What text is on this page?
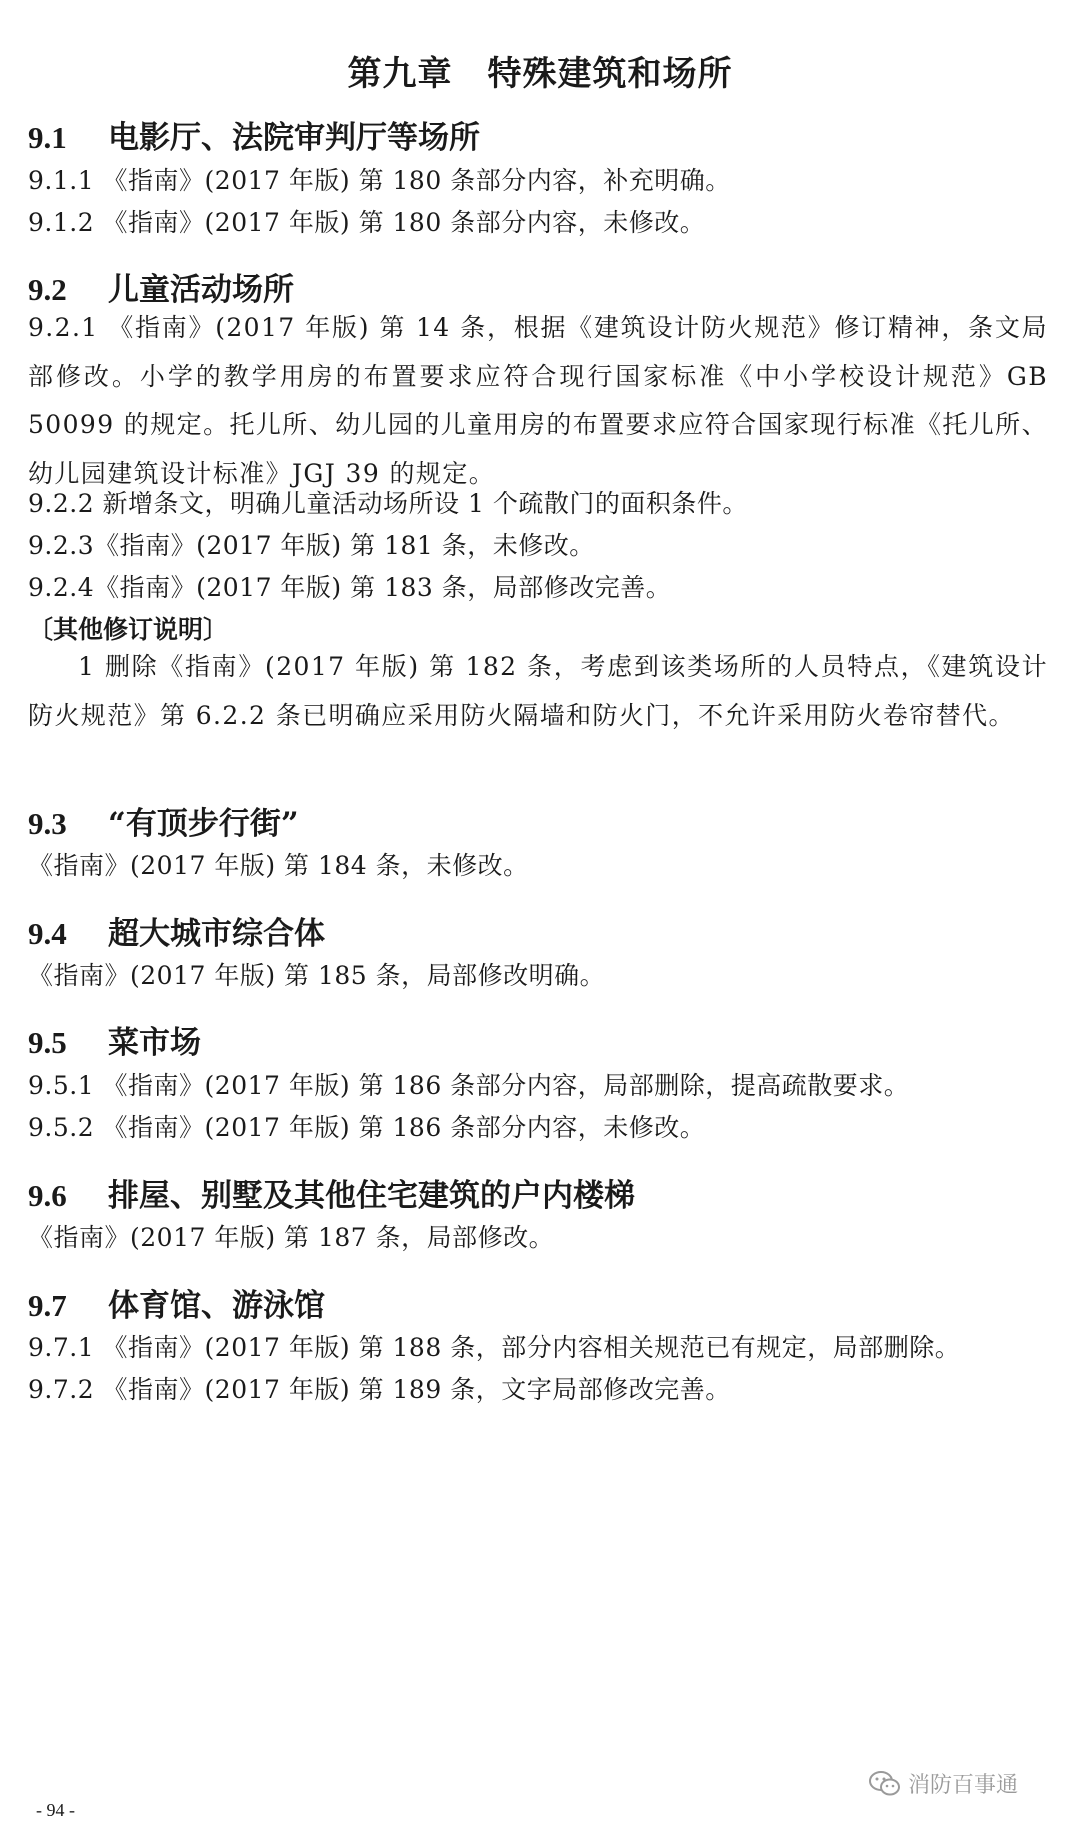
第九章　特殊建筑和场所
9.1 电影厅、法院审判厅等场所
9.1.1 《指南》(2017 年版) 第 180 条部分内容，补充明确。
9.1.2 《指南》(2017 年版) 第 180 条部分内容，未修改。
9.2 儿童活动场所
9.2.1 《指南》(2017 年版) 第 14 条，根据《建筑设计防火规范》修订精神，条文局部修改。小学的教学用房的布置要求应符合现行国家标准《中小学校设计规范》GB 50099 的规定。托儿所、幼儿园的儿童用房的布置要求应符合国家现行标准《托儿所、幼儿园建筑设计标准》JGJ 39 的规定。
9.2.2 新增条文，明确儿童活动场所设 1 个疏散门的面积条件。
9.2.3《指南》(2017 年版) 第 181 条，未修改。
9.2.4《指南》(2017 年版) 第 183 条，局部修改完善。
〔其他修订说明〕
1 删除《指南》(2017 年版) 第 182 条，考虑到该类场所的人员特点，《建筑设计防火规范》第 6.2.2 条已明确应采用防火隔墙和防火门，不允许采用防火卷帘替代。
9.3 “有顶步行街”
《指南》(2017 年版) 第 184 条，未修改。
9.4 超大城市综合体
《指南》(2017 年版) 第 185 条，局部修改明确。
9.5 菜市场
9.5.1 《指南》(2017 年版) 第 186 条部分内容，局部删除，提高疏散要求。
9.5.2 《指南》(2017 年版) 第 186 条部分内容，未修改。
9.6 排屋、别墅及其他住宅建筑的户内楼梯
《指南》(2017 年版) 第 187 条，局部修改。
9.7 体育馆、游泳馆
9.7.1 《指南》(2017 年版) 第 188 条，部分内容相关规范已有规定，局部删除。
9.7.2 《指南》(2017 年版) 第 189 条，文字局部修改完善。
- 94 -
消防百事通
